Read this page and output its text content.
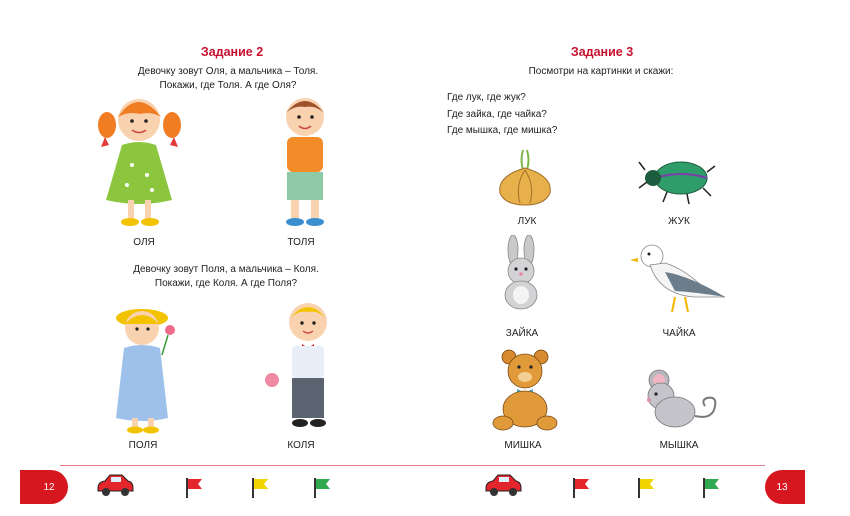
Задание 2
Девочку зовут Оля, а мальчика – Толя.
Покажи, где Толя. А где Оля?
ОЛЯ	ТОЛЯ
Девочку зовут Поля, а мальчика – Коля.
Покажи, где Коля. А где Поля?
ПОЛЯ	КОЛЯ
12
Задание 3
Посмотри на картинки и скажи:
Где лук, где жук?
Где зайка, где чайка?
Где мышка, где мишка?
ЛУК	ЖУК
ЗАЙКА	ЧАЙКА
МИШКА	МЫШКА
13
